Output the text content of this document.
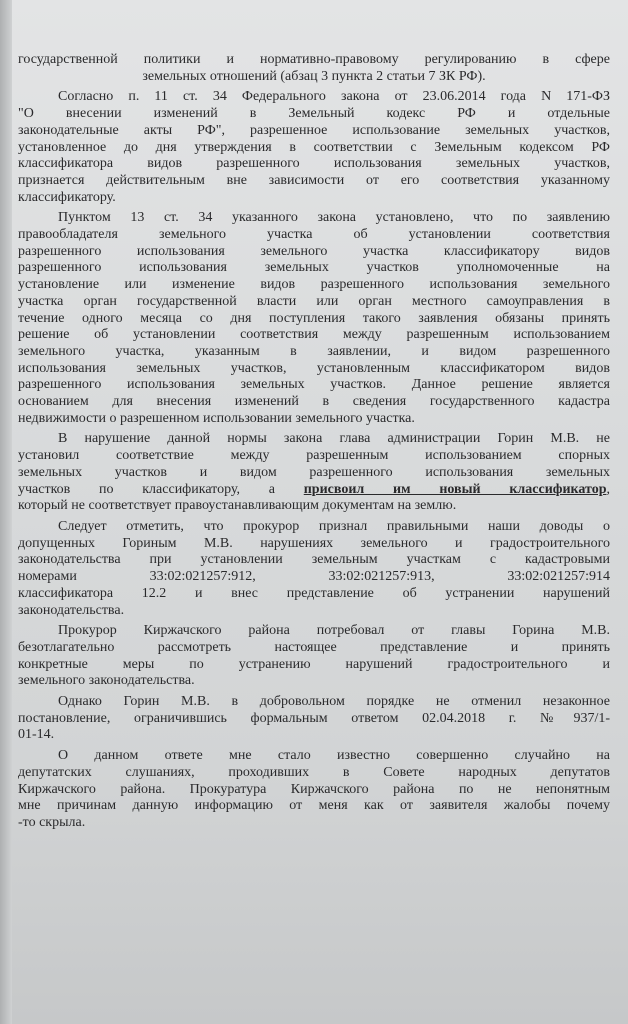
государственной политики и нормативно-правовому регулированию в сфере
земельных отношений (абзац 3 пункта 2 статьи 7 ЗК РФ).
Согласно п. 11 ст. 34 Федерального закона от 23.06.2014 года N 171-ФЗ
"О внесении изменений в Земельный кодекс РФ и отдельные
законодательные акты РФ", разрешенное использование земельных участков,
установленное до дня утверждения в соответствии с Земельным кодексом РФ
классификатора видов разрешенного использования земельных участков,
признается действительным вне зависимости от его соответствия указанному
классификатору.
Пунктом 13 ст. 34 указанного закона установлено, что по заявлению
правообладателя земельного участка об установлении соответствия
разрешенного использования земельного участка классификатору видов
разрешенного использования земельных участков уполномоченные на
установление или изменение видов разрешенного использования земельного
участка орган государственной власти или орган местного самоуправления в
течение одного месяца со дня поступления такого заявления обязаны принять
решение об установлении соответствия между разрешенным использованием
земельного участка, указанным в заявлении, и видом разрешенного
использования земельных участков, установленным классификатором видов
разрешенного использования земельных участков. Данное решение является
основанием для внесения изменений в сведения государственного кадастра
недвижимости о разрешенном использовании земельного участка.
В нарушение данной нормы закона глава администрации Горин М.В. не
установил соответствие между разрешенным использованием спорных
земельных участков и видом разрешенного использования земельных
участков по классификатору, а присвоил им новый классификатор,
который не соответствует правоустанавливающим документам на землю.
Следует отметить, что прокурор признал правильными наши доводы о
допущенных Гориным М.В. нарушениях земельного и градостроительного
законодательства при установлении земельным участкам с кадастровыми
номерами 33:02:021257:912, 33:02:021257:913, 33:02:021257:914
классификатора 12.2 и внес представление об устранении нарушений
законодательства.
Прокурор Киржачского района потребовал от главы Горина М.В.
безотлагательно рассмотреть настоящее представление и принять
конкретные меры по устранению нарушений градостроительного и
земельного законодательства.
Однако Горин М.В. в добровольном порядке не отменил незаконное
постановление, ограничившись формальным ответом 02.04.2018 г. №937/1-
01-14.
О данном ответе мне стало известно совершенно случайно на
депутатских слушаниях, проходивших в Совете народных депутатов
Киржачского района. Прокуратура Киржачского района по не непонятным
мне причинам данную информацию от меня как от заявителя жалобы почему
-то скрыла.
